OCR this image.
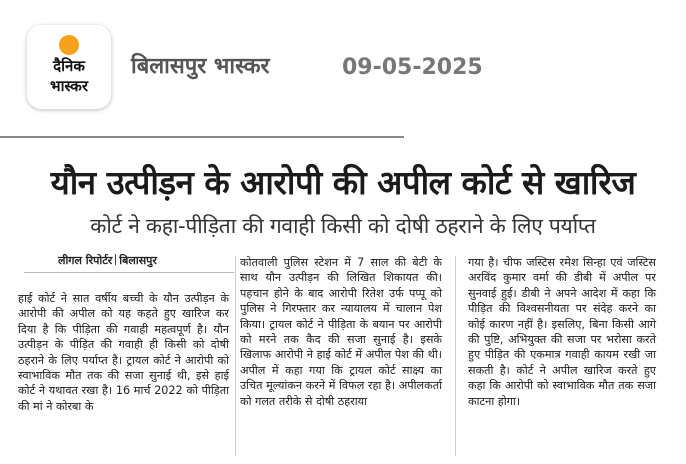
दैनिक
भास्कर
बिलासपुर भास्कर	09-05-2025
यौन उत्पीड़न के आरोपी की अपील कोर्ट से खारिज
कोर्ट ने कहा-पीड़िता की गवाही किसी को दोषी ठहराने के लिए पर्याप्त
लीगल रिपोर्टर बिलासपुर

हाई कोर्ट ने सात वर्षीय बच्ची के यौन उत्पीड़न के आरोपी की अपील को यह कहते हुए खारिज कर दिया है कि पीड़िता की गवाही महत्वपूर्ण है। यौन उत्पीड़न के पीड़ित की गवाही ही किसी को दोषी ठहराने के लिए पर्याप्त है। ट्रायल कोर्ट ने आरोपी को स्वाभाविक मौत तक की सजा सुनाई थी, इसे हाई कोर्ट ने यथावत रखा है। 16 मार्च 2022 को पीड़िता की मां ने कोरबा के

कोतवाली पुलिस स्टेशन में 7 साल की बेटी के साथ यौन उत्पीड़न की लिखित शिकायत की। पहचान होने के बाद आरोपी रितेश उर्फ पप्पू को पुलिस ने गिरफ्तार कर न्यायालय में चालान पेश किया। ट्रायल कोर्ट ने पीड़िता के बयान पर आरोपी को मरने तक कैद की सजा सुनाई है। इसके खिलाफ आरोपी ने हाई कोर्ट में अपील पेश की थी। अपील में कहा गया कि ट्रायल कोर्ट साक्ष्य का उचित मूल्यांकन करने में विफल रहा है। अपीलकर्ता को गलत तरीके से दोषी ठहराया

गया है। चीफ जस्टिस रमेश सिन्हा एवं जस्टिस अरविंद कुमार वर्मा की डीबी में अपील पर सुनवाई हुई। डीबी ने अपने आदेश में कहा कि पीड़ित की विश्वसनीयता पर संदेह करने का कोई कारण नहीं है। इसलिए, बिना किसी आगे की पुष्टि, अभियुक्त की सजा पर भरोसा करते हुए पीड़ित की एकमात्र गवाही कायम रखी जा सकती है। कोर्ट ने अपील खारिज करते हुए कहा कि आरोपी को स्वाभाविक मौत तक सजा काटना होगा।
